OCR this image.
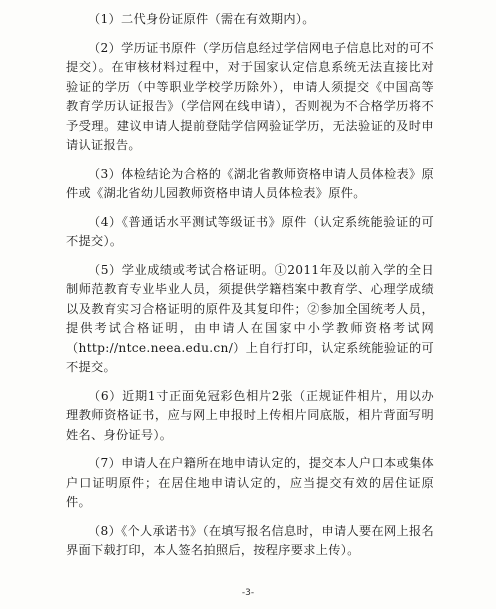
（1）二代身份证原件（需在有效期内）。

（2）学历证书原件（学历信息经过学信网电子信息比对的可不提交）。在审核材料过程中，对于国家认定信息系统无法直接比对验证的学历（中等职业学校学历除外），申请人须提交《中国高等教育学历认证报告》（学信网在线申请），否则视为不合格学历将不予受理。建议申请人提前登陆学信网验证学历，无法验证的及时申请认证报告。

（3）体检结论为合格的《湖北省教师资格申请人员体检表》原件或《湖北省幼儿园教师资格申请人员体检表》原件。

（4）《普通话水平测试等级证书》原件（认定系统能验证的可不提交）。

（5）学业成绩或考试合格证明。①2011年及以前入学的全日制师范教育专业毕业人员，须提供学籍档案中教育学、心理学成绩以及教育实习合格证明的原件及其复印件；②参加全国统考人员，提供考试合格证明，由申请人在国家中小学教师资格考试网（http://ntce.neea.edu.cn/）上自行打印，认定系统能验证的可不提交。

（6）近期1寸正面免冠彩色相片2张（正规证件相片，用以办理教师资格证书，应与网上申报时上传相片同底版，相片背面写明姓名、身份证号）。

（7）申请人在户籍所在地申请认定的，提交本人户口本或集体户口证明原件；在居住地申请认定的，应当提交有效的居住证原件。

（8）《个人承诺书》（在填写报名信息时，申请人要在网上报名界面下载打印，本人签名拍照后，按程序要求上传）。

-3-
